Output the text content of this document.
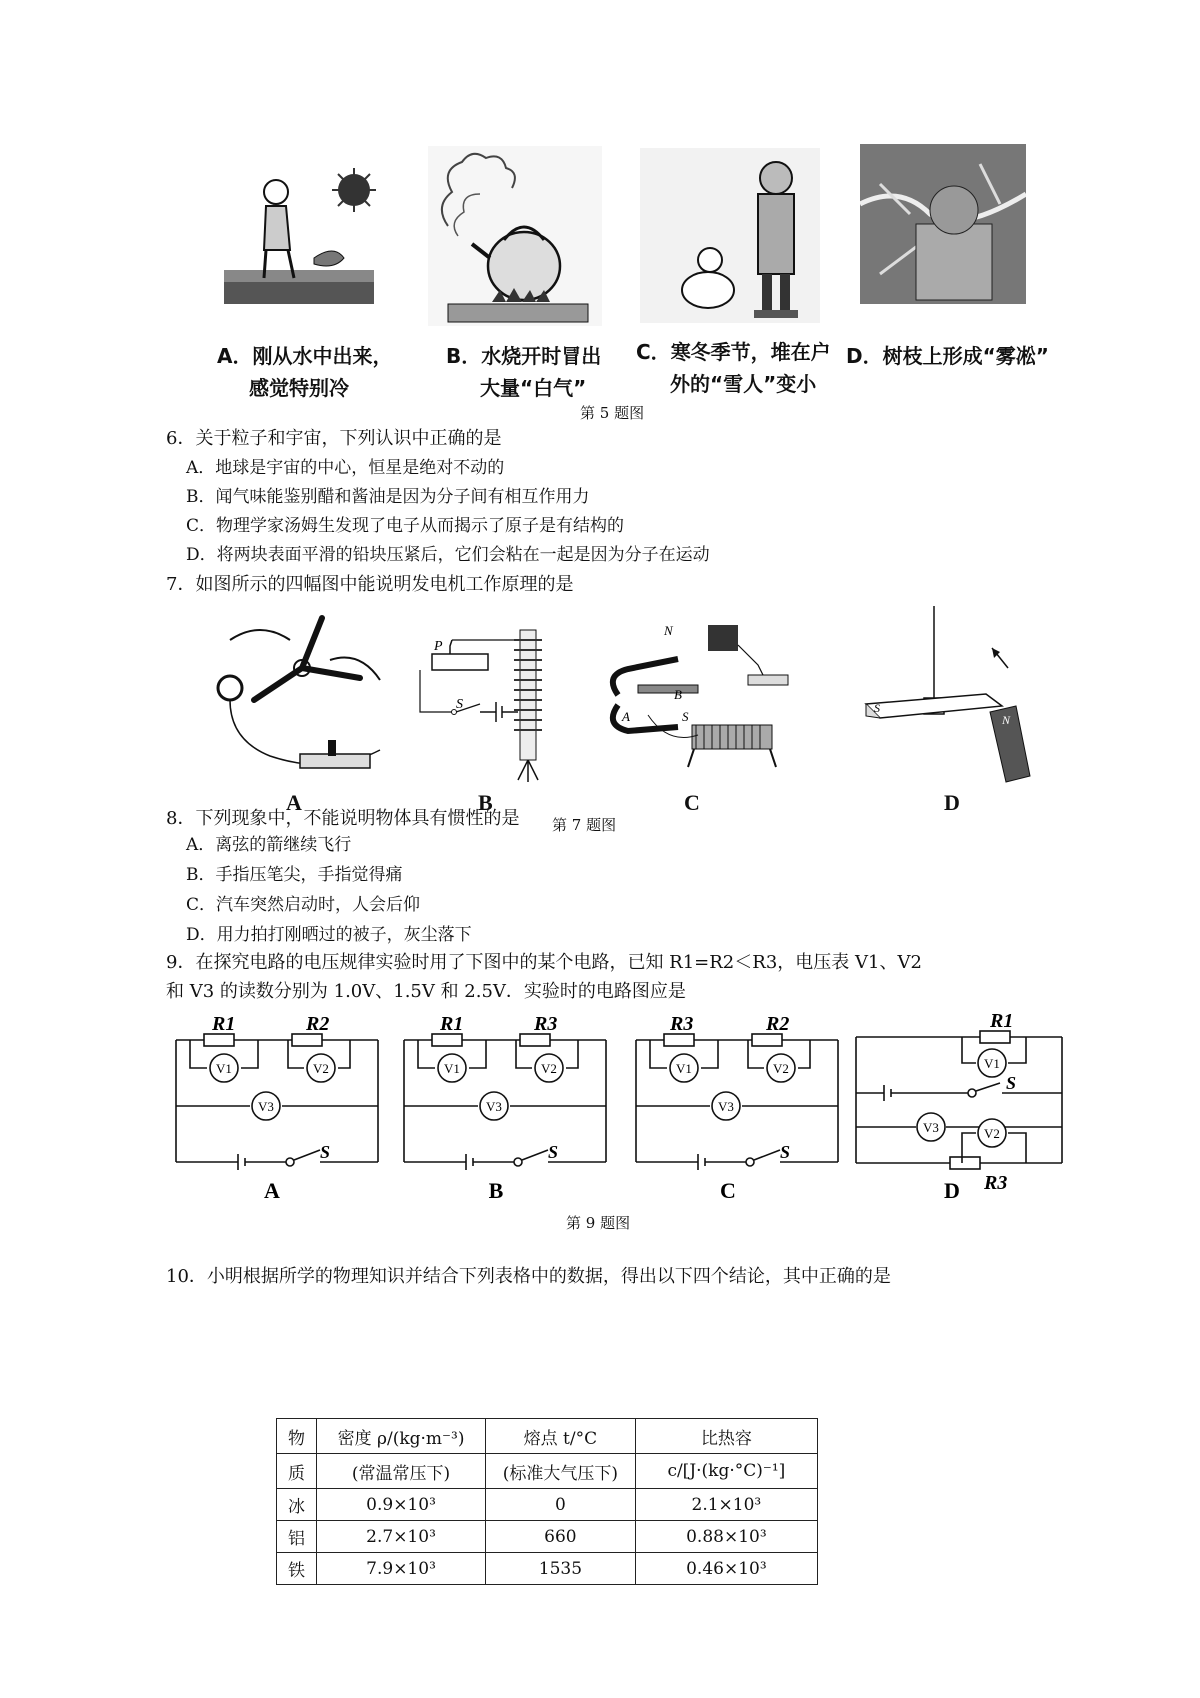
A．刚从水中出来，
感觉特别冷
B．水烧开时冒出
大量“白气”
C．寒冬季节，堆在户
外的“雪人”变小
D．树枝上形成“雾凇”
第 5 题图
6．关于粒子和宇宙，下列认识中正确的是
A．地球是宇宙的中心，恒星是绝对不动的
B．闻气味能鉴别醋和酱油是因为分子间有相互作用力
C．物理学家汤姆生发现了电子从而揭示了原子是有结构的
D．将两块表面平滑的铅块压紧后，它们会粘在一起是因为分子在运动
7．如图所示的四幅图中能说明发电机工作原理的是
P
S
N
B
A	S
S
N
A	B	C	D
8．下列现象中，不能说明物体具有惯性的是 第 7 题图
A．离弦的箭继续飞行
B．手指压笔尖，手指觉得痛
C．汽车突然启动时，人会后仰
D．用力拍打刚晒过的被子，灰尘落下
9．在探究电路的电压规律实验时用了下图中的某个电路，已知 R1=R2＜R3，电压表 V1、V2
和 V3 的读数分别为 1.0V、1.5V 和 2.5V．实验时的电路图应是
R1	R2
V1	V2
V3
S
A
R1	R3
V1	V2
V3
S
B
R3	R2
V1	V2
V3
S
C
R1
R3
V1
V3	V2
S
D
第 9 题图
10．小明根据所学的物理知识并结合下列表格中的数据，得出以下四个结论，其中正确的是
物	密度 ρ/(kg·m⁻³)	熔点 t/°C	比热容
质	(常温常压下)	(标准大气压下)	c/[J·(kg·°C)⁻¹]
冰	0.9×10³	0	2.1×10³
铝	2.7×10³	660	0.88×10³
铁	7.9×10³	1535	0.46×10³
